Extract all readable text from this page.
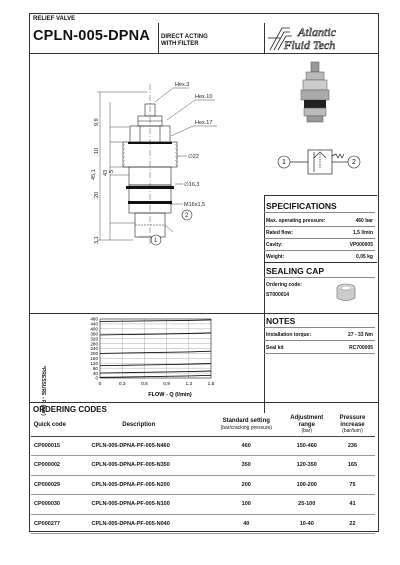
RELIEF VALVE
CPLN-005-DPNA DIRECT ACTING
WITH FILTER
Atlantic
Fluid Tech
Hex.3
Hex.10
Hex.17
∅22
∅16,3
M16x1,5
1
2
45,1 43
9,9
10
5
20
3,1
1	2
SPECIFICATIONS
Max. operating pressure:	460 bar
Rated flow:	1,5 l/min
Cavity:	VP000005
Weight:	0,05 kg
SEALING CAP
Ordering code:
ST000014
NOTES
Installation torque:	27 - 33 Nm
Seal kit	RC700005
0
40
80
120
160
200
240
280
320
360
400
440
480
0	0,3	0,6	0,9	1,2	1,5
FLOW - Q (l/min)
*PRESSURE - P (bar)
ORDERING CODES
Quick code	Description	Standard setting
(bar/cracking pressure)	Adjustment range
(bar)	Pressure increase
(bar/turn)
CP000015	CPLN-005-DPNA-PF-005-N460	460	150-460	236
CP000002	CPLN-005-DPNA-PF-005-N350	350	120-350	165
CP000029	CPLN-005-DPNA-PF-005-N200	200	100-200	75
CP000030	CPLN-005-DPNA-PF-005-N100	100	25-100	41
CP000277	CPLN-005-DPNA-PF-005-N040	40	10-40	22
